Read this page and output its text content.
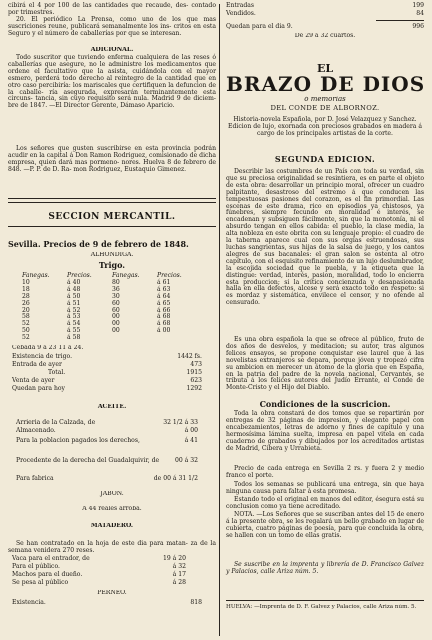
cibirá el 4 por 100 de las cantidades que recaude, des- contado por trimestres.
20. El periódico La Prensa, como uno de los que mas suscriciones reune, publicará semanalmente los ins- critos en esta Seguro y el número de caballerías por que se interesan.
ADICIONAL.
Todo suscritor que tuviendo enferma cualquiera de las reses ó caballerías que asegure, no le administre los medicamentos que ordene el facultativo que la asista, cuidándola con el mayor esmero, perderá todo derecho al reintegro de la cantidad que en otro caso percibiría: los mariscales que certifiquen la defuncion de la caballe- ría asegurada, expresarán terminantemente esta circuns- tancia, sin cuyo requisito será nula. Madrid 9 de diciem- bre de 1847. —El Director Gerente, Dámaso Aparicio.
Los señores que gusten suscribirse en esta provincia podrán acudir en la capital á Don Ramon Rodriguez, comisionado de dicha empresa, quien dará mas pormeno- nores. Huelva 8 de febrero de 848. —P. P. de D. Ra- mon Rodriguez, Eustaquio Gimenez.
SECCION MERCANTIL.
Sevilla. Precios de 9 de febrero de 1848.
ALHONDIGA.
Trigo.
Fanegas.	Precios.	Fanegas.	Precios.
10	á 40	80	á 61
18	á 48	36	á 63
28	á 50	30	á 64
26	á 51	60	á 65
20	á 52	60	á 66
58	á 53	00	á 68
52	á 54	00	á 68
50	á 55	00	á 00
52	á 58
Cebada 9 á 23 11 á 24.
Existencia de trigo.	1442 fs.
Entrada de ayer	473
Total.	1915
Venta de ayer	623
Quedan para hoy	1292
ACEITE.
Arrieria de la Calzada, de	32 1/2 á 33
Almacenado.	á 00
Para la poblacion pagados los derechos,	á 41
Procedente de la derecha del Guadalquivir, de	00 á 32
Para fabrica	de 00 á 31 1/2
JABON.
A 44 reales arroba.
MATADERO.
Se han contratado en la hoja de este dia para matan- za de la semana venidera 270 reses.
Vaca para el entrador, de	19 á 20
Para el público.	á 32
Machos para el dueño.	á 17
Se pesa al público	á 28
PERNEO.
Existencia.	818
Entradas	199
Vendidos.	84
Quedan para el dia 9.	996
De 29 á 32 cuartos.
EL
BRAZO DE DIOS
ó memorias
DEL CONDE DE ALBORNOZ.
Historia-novela Española, por D. José Velazquez y Sanchez. Edicion de lujo, exornada con preciosos grabados en madera á cargo de los principales artistas de la corte.
SEGUNDA EDICION.
Describir las costumbres de un País con toda su verdad, sin que su preciosa originalidad se resintiera, es en parte el objeto de esta obra: desarrollar un principio moral, ofrecer un cuadro palpitante, desastroso del estremo á que conducen las tempestuosas pasiones del corazon, es el fin primordial. Las escenas de este drama, rico en episodios ya chistosos, ya fúnebres, siempre fecundo en moralidad é interés, se encadenan y subsiguen fácilmente, sin que la monotonía, ni el absurdo tengan en ellos cabida: el pueblo, la clase media, la alta nobleza en este obrita con su lenguaje propio: el cuadro de la taberna aparece cual con sus orgías estruendosas, sus luchas sangrientas, sus hijas de la salsa de juego, y los cantos alegres de sus bacanales: el gran salon se ostenta al otro capítulo, con el esquisito refinamiento de un lujo deslumbrador, la escojida sociedad que le puebla, y la etiqueta que la distingue: verdad, interés, pasion, moralidad, todo lo encierra esta produccion; si la crítica concienzuda y desapasionada halla en ella defectos, alcese y será exacto todo en respeto: si es mordaz y sistemática, envilece el censor, y no ofende al censurado.
Es una obra española la que se ofrece al público, fruto de dos años de desvelos, y meditacion; su autor, tras algunos felices ensayos, se propone conquistar ese laurel que á las novelistas extranjeros se depara, porque jóven y tropezó cifra su ambicion en merecer un átomo de la gloria que en España, en la patria del padre de la novela nacional, Cervantes, se tributa á los felices autores del Judío Errante, el Conde de Monte-Cristo y el Hijo del Diablo.
Condiciones de la suscricion.
Toda la obra constará de dos tomos que se repartirán por entregas de 32 páginas de impresion, y elegante papel con encabezamientos, letras de adorno y fines de capítulo y una hermosísima lámina suelta, impresa en papel vitela en cada cuaderno de grabados y dibujados por los acreditados artistas de Madrid, Cibera y Urrabieta.
Precio de cada entrega en Sevilla 2 rs. y fuera 2 y medio franco el porte.
Todos los semanas se publicará una entrega, sin que haya ninguna causa para faltar á esta promesa.
Estando todo el original en manos del editor, ésegura está su conclusion como ya tiene acreditado.
NOTA. —Los Señores que se suscriban antes del 15 de enero á la presente obra, se les regalará un bello grabado en lugar de cubierta, cuatro páginas de poesía, para que concluida la obra, se hallen con un tomo de ellas gratis.
Se suscribe en la imprenta y librería de D. Francisco Galvez y Palacios, calle Ariza núm. 5.
HUELVA: —Imprenta de D. F. Galvez y Palacios, calle Ariza núm. 5.
